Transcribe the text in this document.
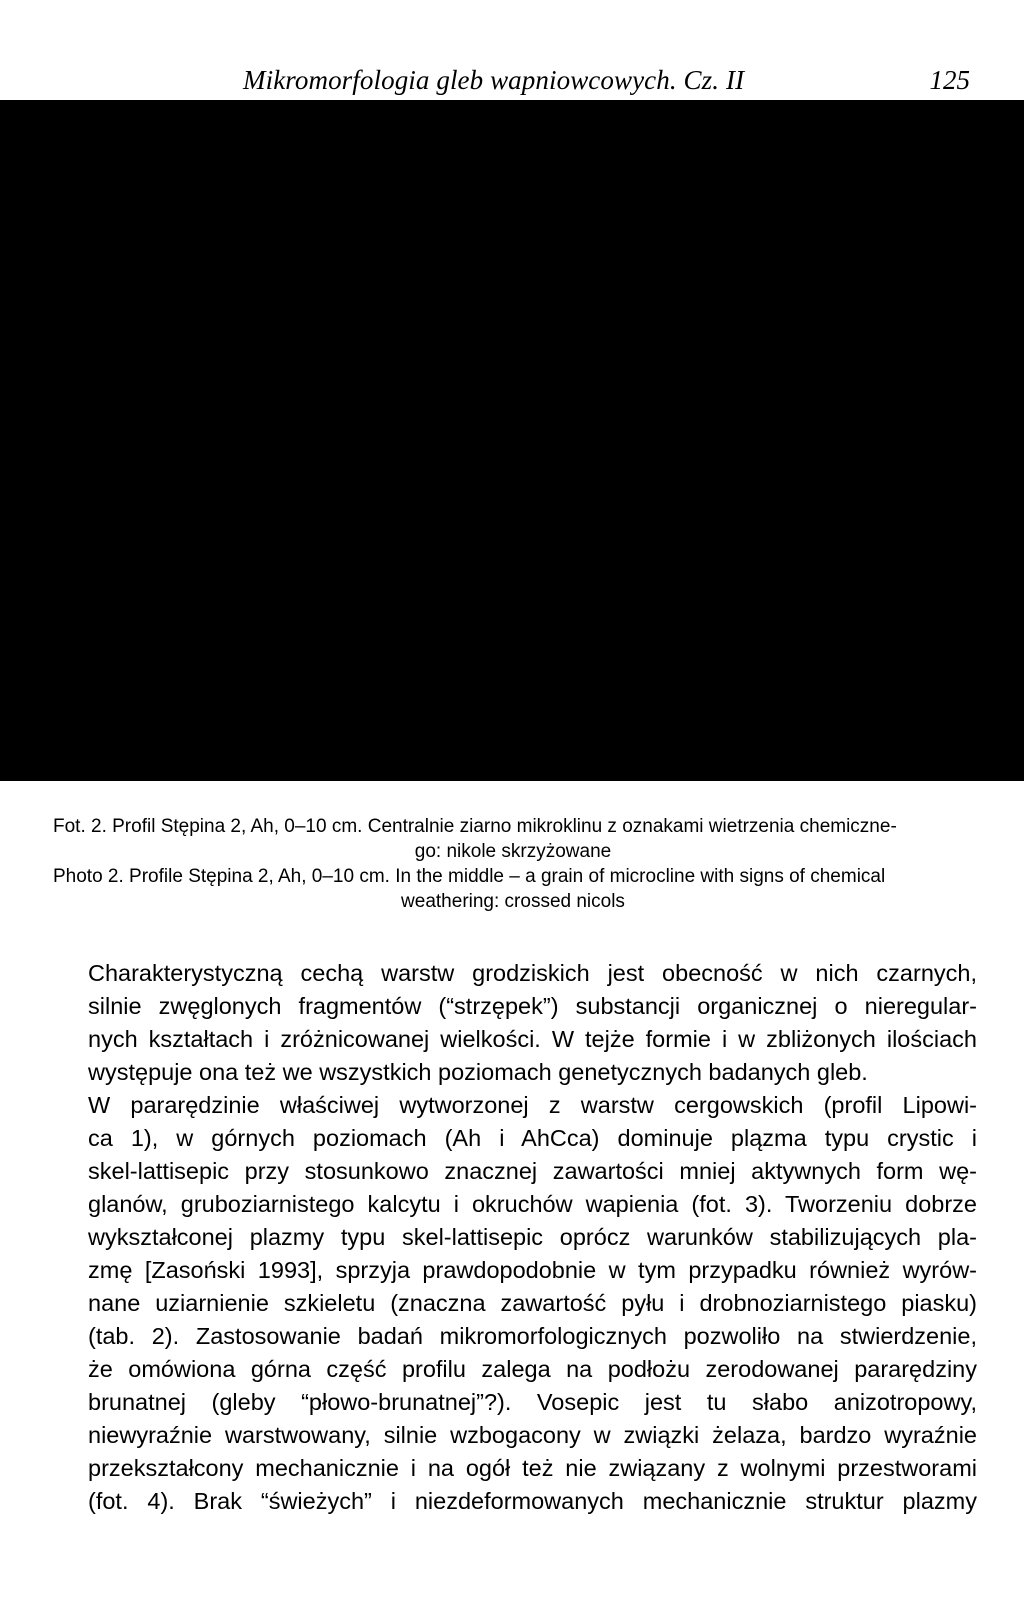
Mikromorfologia gleb wapniowcowych. Cz. II	125
Fot. 2. Profil Stępina 2, Ah, 0–10 cm. Centralnie ziarno mikroklinu z oznakami wietrzenia chemiczne-
go: nikole skrzyżowane
Photo 2. Profile Stępina 2, Ah, 0–10 cm. In the middle – a grain of microcline with signs of chemical
weathering: crossed nicols

Charakterystyczną cechą warstw grodziskich jest obecność w nich czarnych,
silnie zwęglonych fragmentów (“strzępek”) substancji organicznej o nieregular-
nych kształtach i zróżnicowanej wielkości. W tejże formie i w zbliżonych ilościach
występuje ona też we wszystkich poziomach genetycznych badanych gleb.

W pararędzinie właściwej wytworzonej z warstw cergowskich (profil Lipowi-
ca 1), w górnych poziomach (Ah i AhCca) dominuje plązma typu crystic i
skel-lattisepic przy stosunkowo znacznej zawartości mniej aktywnych form wę-
glanów, gruboziarnistego kalcytu i okruchów wapienia (fot. 3). Tworzeniu dobrze
wykształconej plazmy typu skel-lattisepic oprócz warunków stabilizujących pla-
zmę [Zasoński 1993], sprzyja prawdopodobnie w tym przypadku również wyrów-
nane uziarnienie szkieletu (znaczna zawartość pyłu i drobnoziarnistego piasku)
(tab. 2). Zastosowanie badań mikromorfologicznych pozwoliło na stwierdzenie,
że omówiona górna część profilu zalega na podłożu zerodowanej pararędziny
brunatnej (gleby “płowo-brunatnej”?). Vosepic jest tu słabo anizotropowy,
niewyraźnie warstwowany, silnie wzbogacony w związki żelaza, bardzo wyraźnie
przekształcony mechanicznie i na ogół też nie związany z wolnymi przestworami
(fot. 4). Brak “świeżych” i niezdeformowanych mechanicznie struktur plazmy
